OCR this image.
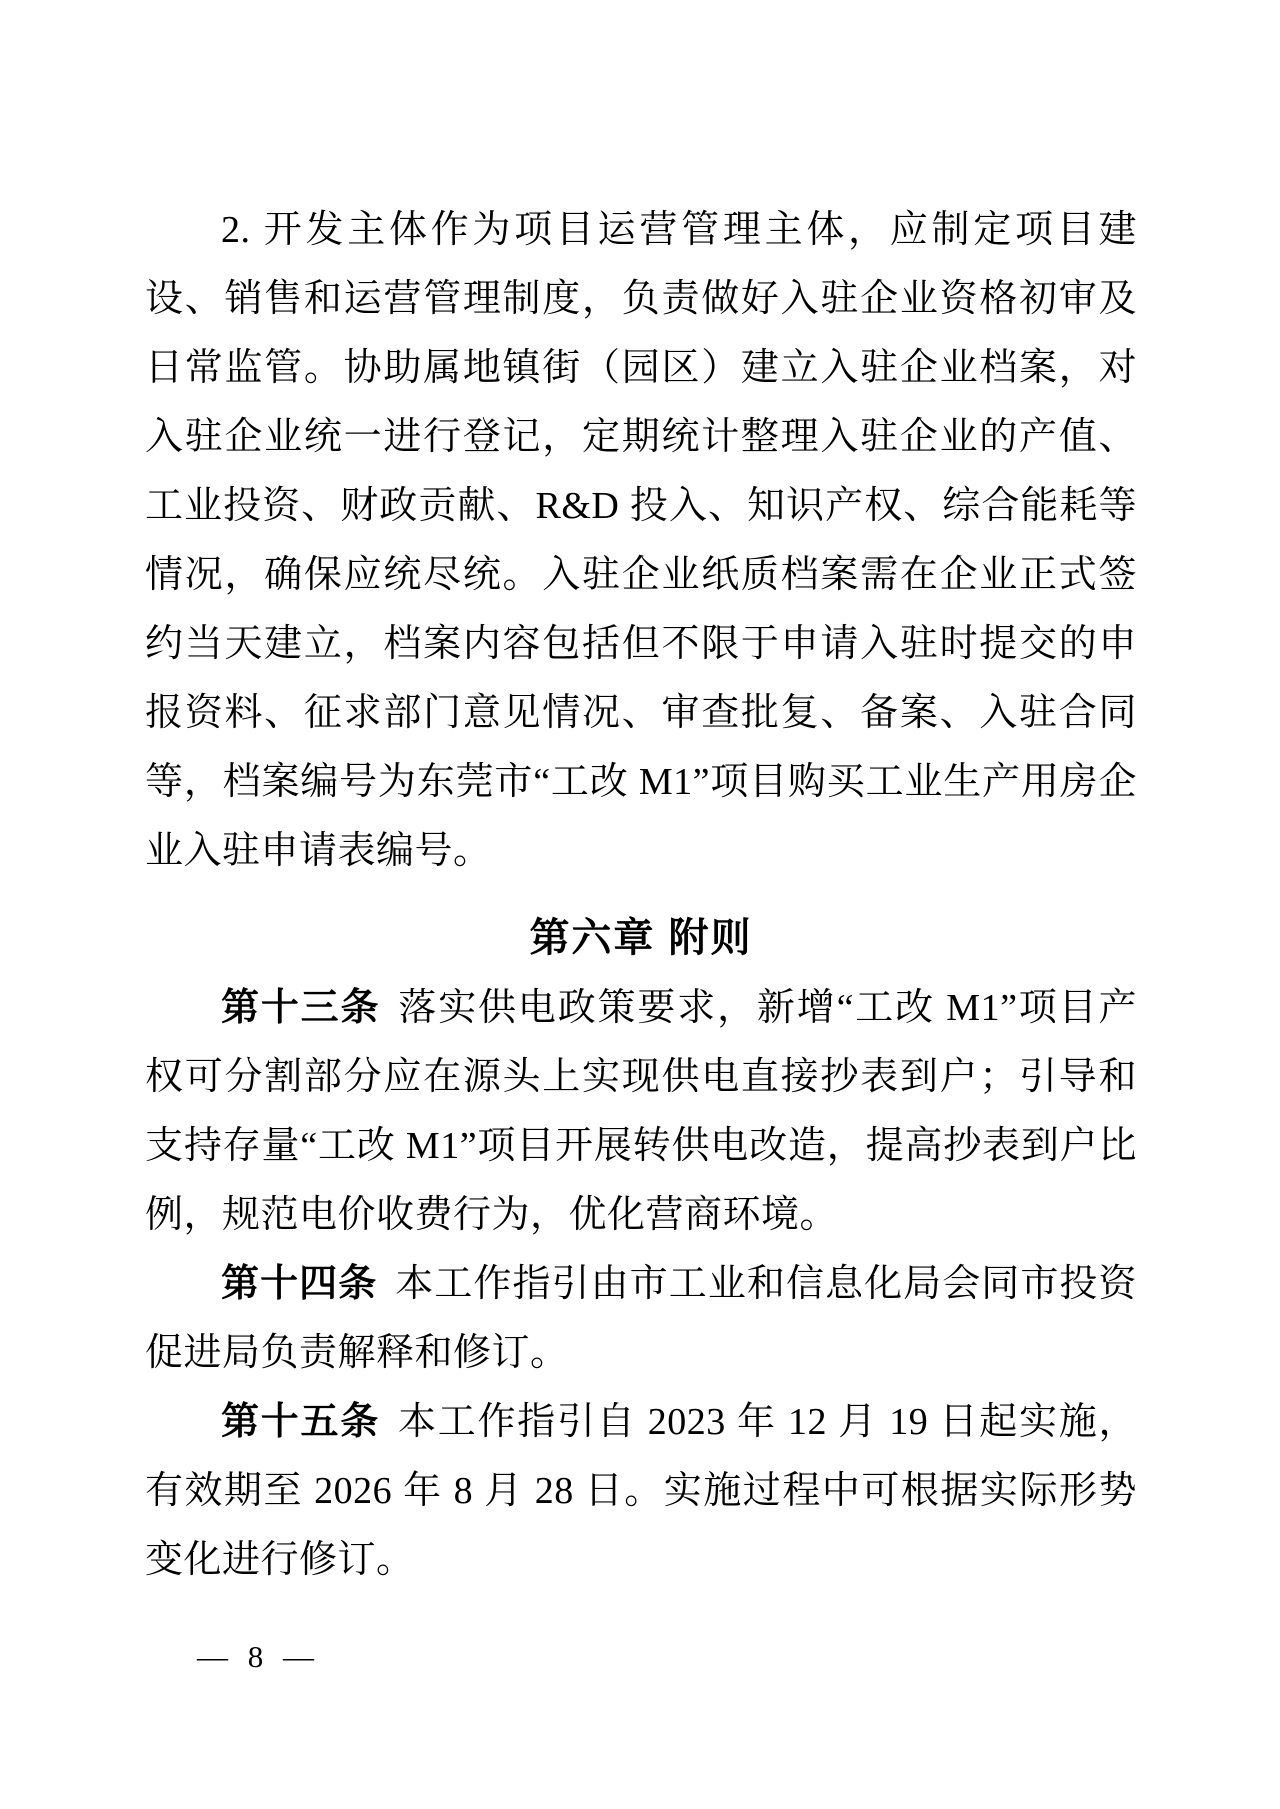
2. 开发主体作为项目运营管理主体，应制定项目建设、销售和运营管理制度，负责做好入驻企业资格初审及日常监管。协助属地镇街（园区）建立入驻企业档案，对入驻企业统一进行登记，定期统计整理入驻企业的产值、工业投资、财政贡献、R&D 投入、知识产权、综合能耗等情况，确保应统尽统。入驻企业纸质档案需在企业正式签约当天建立，档案内容包括但不限于申请入驻时提交的申报资料、征求部门意见情况、审查批复、备案、入驻合同等，档案编号为东莞市“工改 M1”项目购买工业生产用房企业入驻申请表编号。

第六章 附则

第十三条 落实供电政策要求，新增“工改 M1”项目产权可分割部分应在源头上实现供电直接抄表到户；引导和支持存量“工改 M1”项目开展转供电改造，提高抄表到户比例，规范电价收费行为，优化营商环境。

第十四条 本工作指引由市工业和信息化局会同市投资促进局负责解释和修订。

第十五条 本工作指引自 2023 年 12 月 19 日起实施，有效期至 2026 年 8 月 28 日。实施过程中可根据实际形势变化进行修订。

— 8 —
